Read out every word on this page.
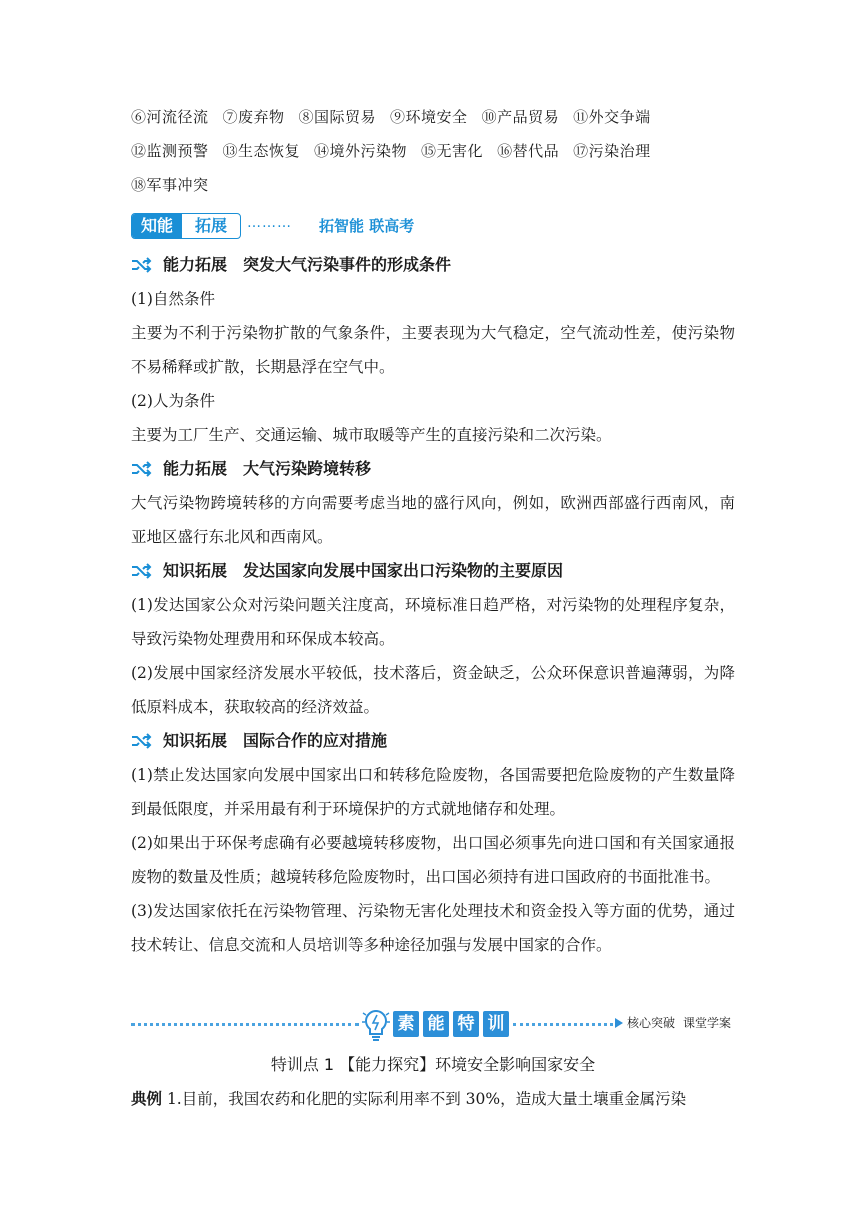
⑥河流径流 ⑦废弃物 ⑧国际贸易 ⑨环境安全 ⑩产品贸易 ⑪外交争端
⑫监测预警 ⑬生态恢复 ⑭境外污染物 ⑮无害化 ⑯替代品 ⑰污染治理
⑱军事冲突
知能	拓展	……… 拓智能 联高考
能力拓展 突发大气污染事件的形成条件
(1)自然条件
主要为不利于污染物扩散的气象条件，主要表现为大气稳定，空气流动性差，使污染物不易稀释或扩散，长期悬浮在空气中。
(2)人为条件
主要为工厂生产、交通运输、城市取暖等产生的直接污染和二次污染。
能力拓展 大气污染跨境转移
大气污染物跨境转移的方向需要考虑当地的盛行风向，例如，欧洲西部盛行西南风，南亚地区盛行东北风和西南风。
知识拓展 发达国家向发展中国家出口污染物的主要原因
(1)发达国家公众对污染问题关注度高，环境标准日趋严格，对污染物的处理程序复杂，导致污染物处理费用和环保成本较高。
(2)发展中国家经济发展水平较低，技术落后，资金缺乏，公众环保意识普遍薄弱，为降低原料成本，获取较高的经济效益。
知识拓展 国际合作的应对措施
(1)禁止发达国家向发展中国家出口和转移危险废物，各国需要把危险废物的产生数量降到最低限度，并采用最有利于环境保护的方式就地储存和处理。
(2)如果出于环保考虑确有必要越境转移废物，出口国必须事先向进口国和有关国家通报废物的数量及性质；越境转移危险废物时，出口国必须持有进口国政府的书面批准书。
(3)发达国家依托在污染物管理、污染物无害化处理技术和资金投入等方面的优势，通过技术转让、信息交流和人员培训等多种途径加强与发展中国家的合作。
素 能 特 训	核心突破 课堂学案
特训点 1 【能力探究】环境安全影响国家安全
典例 1.目前，我国农药和化肥的实际利用率不到 30%，造成大量土壤重金属污染
